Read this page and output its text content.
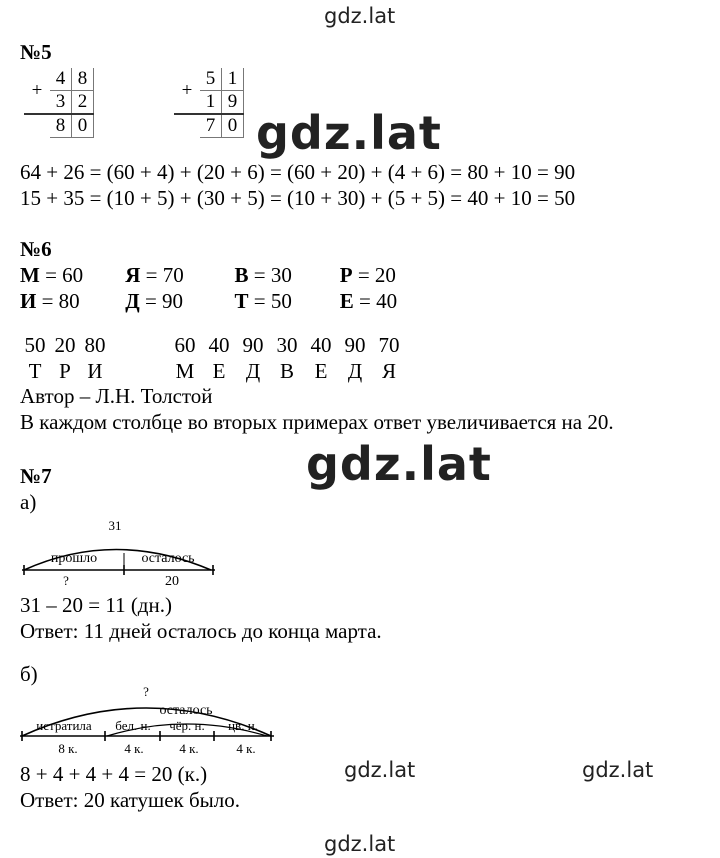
gdz.lat
gdz.lat
gdz.lat
gdz.lat	gdz.lat
gdz.lat
№5
+	4	8
	3	2
	8	0
+	5	1
	1	9
	7	0
64 + 26 = (60 + 4) + (20 + 6) = (60 + 20) + (4 + 6) = 80 + 10 = 90
15 + 35 = (10 + 5) + (30 + 5) = (10 + 30) + (5 + 5) = 40 + 10 = 50
№6
М = 60 Я = 70 В = 30 Р = 20
И = 80 Д = 90 Т = 50 Е = 40
50 20 80
Т Р И
60 40 90 30 40 90 70
М Е Д В Е Д Я
Автор – Л.Н. Толстой
В каждом столбце во вторых примерах ответ увеличивается на 20.
№7
а)
31
прошло	осталось
?	20
31 – 20 = 11 (дн.)
Ответ: 11 дней осталось до конца марта.
б)
?
осталось
истратила бел. н. чёр. н. цв. н.
8 к.	4 к.	4 к.	4 к.
8 + 4 + 4 + 4 = 20 (к.)
Ответ: 20 катушек было.
